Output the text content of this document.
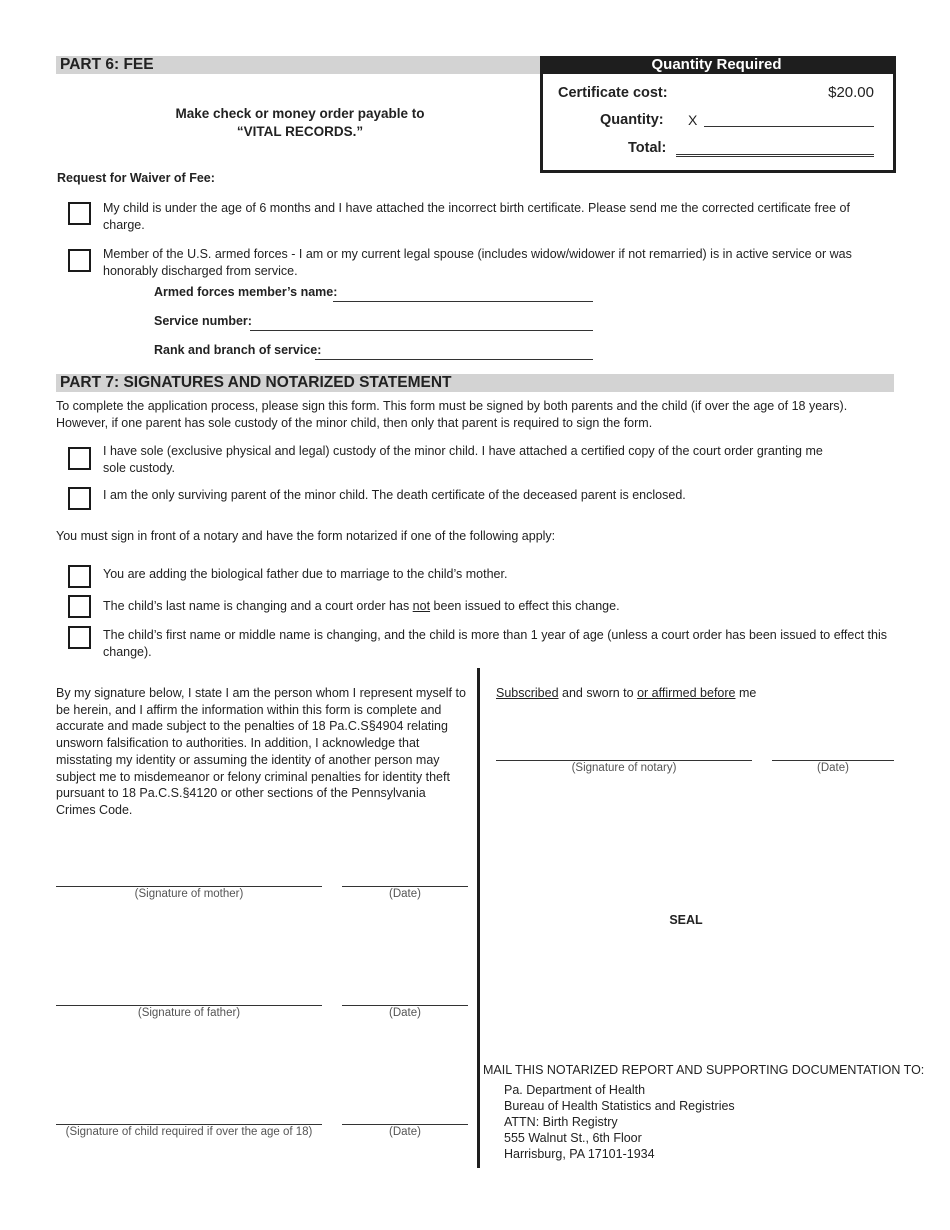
PART 6: FEE
Make check or money order payable to
“VITAL RECORDS.”
Quantity Required
Certificate cost:	$20.00
Quantity: X
Total:
Request for Waiver of Fee:
My child is under the age of 6 months and I have attached the incorrect birth certificate. Please send me the corrected certificate free of charge.
Member of the U.S. armed forces - I am or my current legal spouse (includes widow/widower if not remarried) is in active service or was honorably discharged from service.
Armed forces member’s name:
Service number:
Rank and branch of service:
PART 7: SIGNATURES AND NOTARIZED STATEMENT
To complete the application process, please sign this form. This form must be signed by both parents and the child (if over the age of 18 years). However, if one parent has sole custody of the minor child, then only that parent is required to sign the form.
I have sole (exclusive physical and legal) custody of the minor child. I have attached a certified copy of the court order granting me sole custody.
I am the only surviving parent of the minor child. The death certificate of the deceased parent is enclosed.
You must sign in front of a notary and have the form notarized if one of the following apply:
You are adding the biological father due to marriage to the child’s mother.
The child’s last name is changing and a court order has not been issued to effect this change.
The child’s first name or middle name is changing, and the child is more than 1 year of age (unless a court order has been issued to effect this change).
By my signature below, I state I am the person whom I represent myself to be herein, and I affirm the information within this form is complete and accurate and made subject to the penalties of 18 Pa.C.S§4904 relating unsworn falsification to authorities. In addition, I acknowledge that misstating my identity or assuming the identity of another person may subject me to misdemeanor or felony criminal penalties for identity theft pursuant to 18 Pa.C.S.§4120 or other sections of the Pennsylvania Crimes Code.
(Signature of mother)	(Date)
(Signature of father)	(Date)
(Signature of child required if over the age of 18)	(Date)
Subscribed and sworn to or affirmed before me
(Signature of notary)	(Date)
SEAL
MAIL THIS NOTARIZED REPORT AND SUPPORTING DOCUMENTATION TO:
Pa. Department of Health
Bureau of Health Statistics and Registries
ATTN: Birth Registry
555 Walnut St., 6th Floor
Harrisburg, PA 17101-1934
